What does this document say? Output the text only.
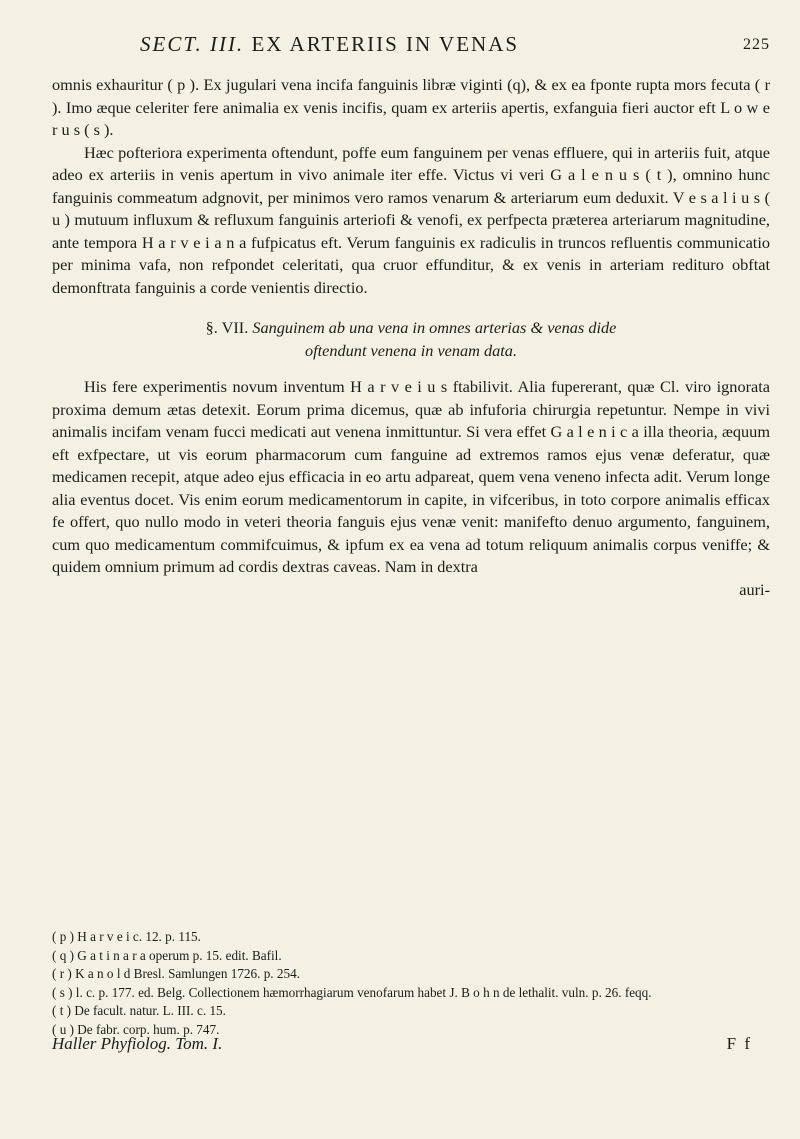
SECT. III. EX ARTERIIS IN VENAS	225

omnis exhauritur ( p ). Ex jugulari vena incifa fanguinis libræ viginti (q), & ex ea fponte rupta mors fecuta ( r ). Imo æque celeriter fere animalia ex venis incifis, quam ex arteriis apertis, exfanguia fieri auctor eft L o w e r u s ( s ).

Hæc pofteriora experimenta oftendunt, poffe eum fanguinem per venas effluere, qui in arteriis fuit, atque adeo ex arteriis in venis apertum in vivo animale iter effe. Victus vi veri G a l e n u s ( t ), omnino hunc fanguinis commeatum adgnovit, per minimos vero ramos venarum & arteriarum eum deduxit. V e s a l i u s ( u ) mutuum influxum & refluxum fanguinis arteriofi & venofi, ex perfpecta præterea arteriarum magnitudine, ante tempora H a r v e i a n a fufpicatus eft. Verum fanguinis ex radiculis in truncos refluentis communicatio per minima vafa, non refpondet celeritati, qua cruor effunditur, & ex venis in arteriam redituro obftat demonftrata fanguinis a corde venientis directio.

§. VII. Sanguinem ab una vena in omnes arterias & venas dide
oftendunt venena in venam data.

His fere experimentis novum inventum H a r v e i u s ftabilivit. Alia fupererant, quæ Cl. viro ignorata proxima demum ætas detexit. Eorum prima dicemus, quæ ab infuforia chirurgia repetuntur. Nempe in vivi animalis incifam venam fucci medicati aut venena inmittuntur. Si vera effet G a l e n i c a illa theoria, æquum eft exfpectare, ut vis eorum pharmacorum cum fanguine ad extremos ramos ejus venæ deferatur, quæ medicamen recepit, atque adeo ejus efficacia in eo artu adpareat, quem vena veneno infecta adit. Verum longe alia eventus docet. Vis enim eorum medicamentorum in capite, in vifceribus, in toto corpore animalis efficax fe offert, quo nullo modo in veteri theoria fanguis ejus venæ venit: manifefto denuo argumento, fanguinem, cum quo medicamentum commifcuimus, & ipfum ex ea vena ad totum reliquum animalis corpus veniffe; & quidem omnium primum ad cordis dextras caveas. Nam in dextra

auri-
( p ) H a r v e i c. 12. p. 115.
( q ) G a t i n a r a operum p. 15. edit. Bafil.
( r ) K a n o l d Bresl. Samlungen 1726. p. 254.
( s ) l. c. p. 177. ed. Belg. Collectionem hæmorrhagiarum venofarum habet J. B o h n de lethalit. vuln. p. 26. feqq.
( t ) De facult. natur. L. III. c. 15.
( u ) De fabr. corp. hum. p. 747.
Haller Phyfiolog. Tom. I.	F f
